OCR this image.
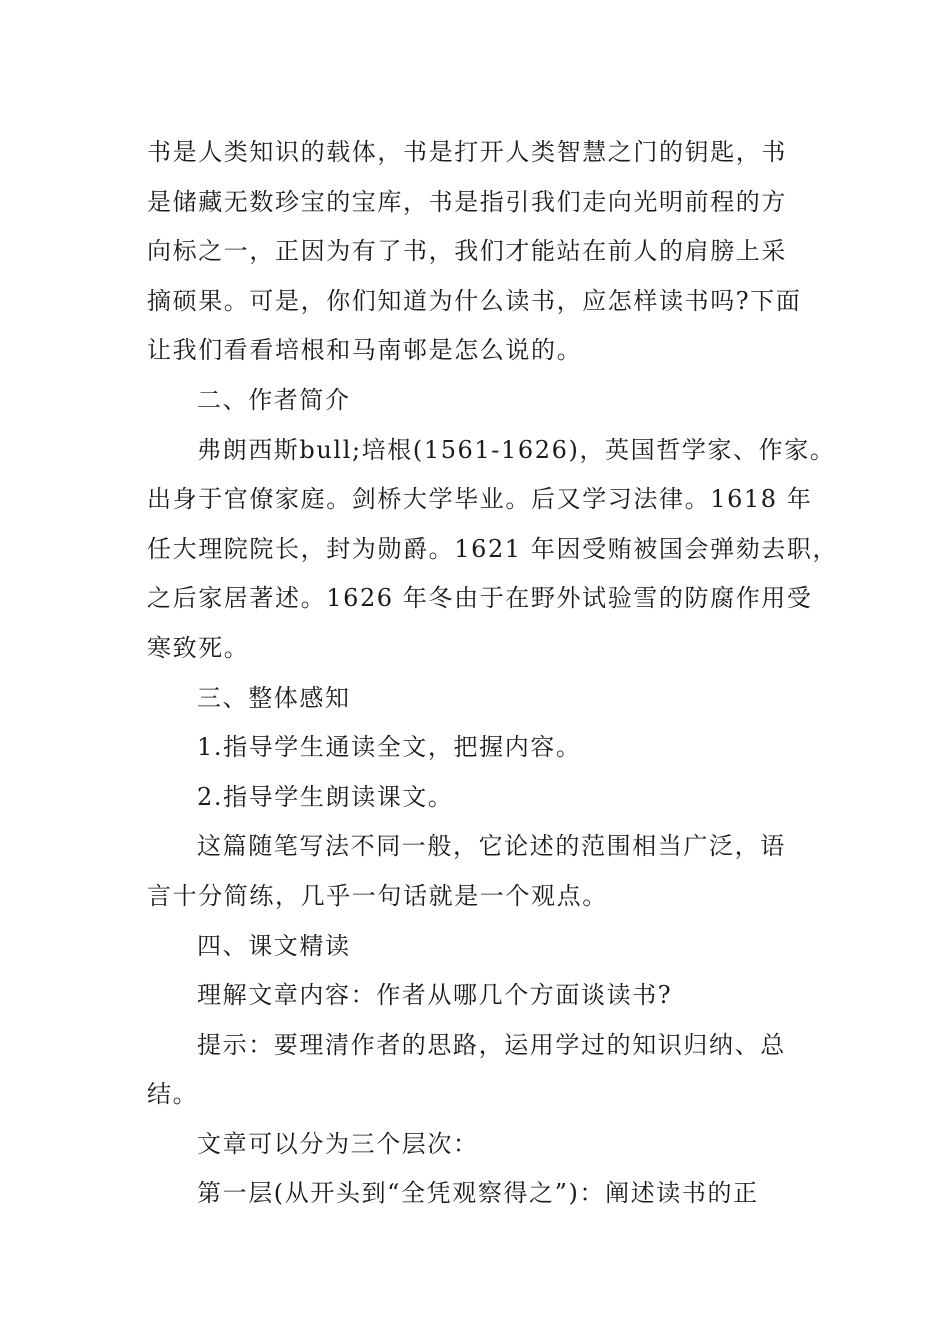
书是人类知识的载体，书是打开人类智慧之门的钥匙，书

是储藏无数珍宝的宝库，书是指引我们走向光明前程的方

向标之一，正因为有了书，我们才能站在前人的肩膀上采

摘硕果。可是，你们知道为什么读书，应怎样读书吗?下面

让我们看看培根和马南邨是怎么说的。

二、作者简介

弗朗西斯bull;培根(1561-1626)，英国哲学家、作家。

出身于官僚家庭。剑桥大学毕业。后又学习法律。1618 年

任大理院院长，封为勋爵。1621 年因受贿被国会弹劾去职，

之后家居著述。1626 年冬由于在野外试验雪的防腐作用受

寒致死。

三、整体感知

1.指导学生通读全文，把握内容。

2.指导学生朗读课文。

这篇随笔写法不同一般，它论述的范围相当广泛，语

言十分简练，几乎一句话就是一个观点。

四、课文精读

理解文章内容：作者从哪几个方面谈读书?

提示：要理清作者的思路，运用学过的知识归纳、总

结。

文章可以分为三个层次：

第一层(从开头到“全凭观察得之”)：阐述读书的正
